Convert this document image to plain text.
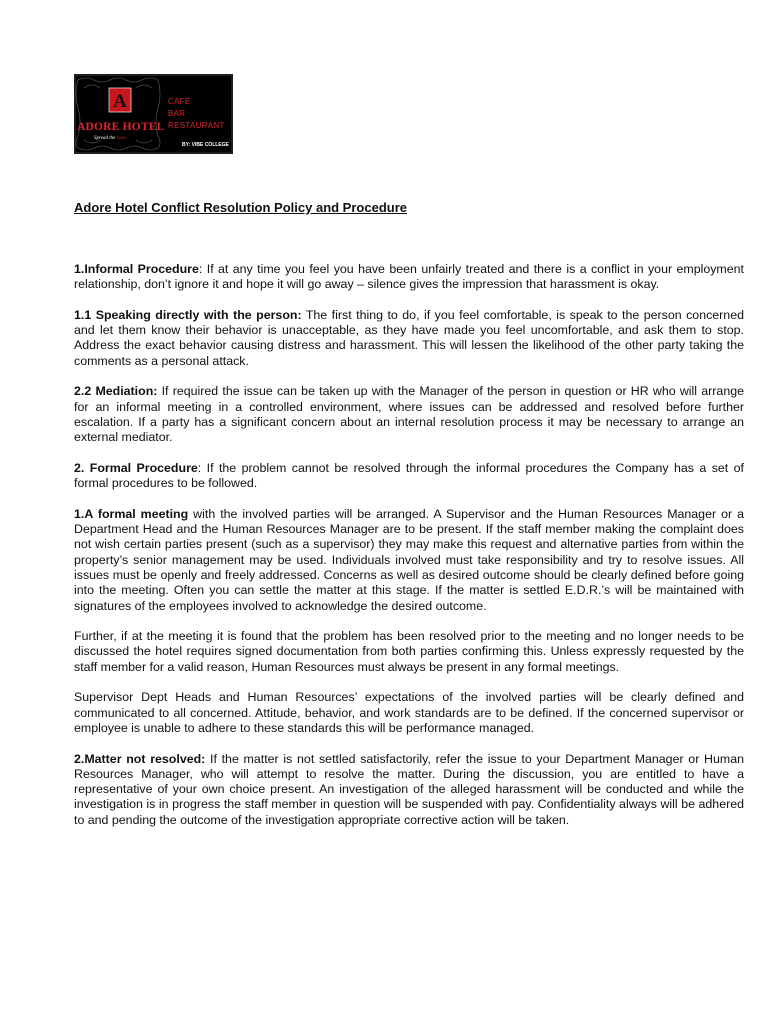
A	CAFÉ
BAR
RESTAURANT
ADORE HOTEL
Spread the love...
BY: VIBE COLLEGE
Adore Hotel Conflict Resolution Policy and Procedure

1.Informal Procedure: If at any time you feel you have been unfairly treated and there is a conflict in your employment relationship, don’t ignore it and hope it will go away – silence gives the impression that harassment is okay.

1.1 Speaking directly with the person: The first thing to do, if you feel comfortable, is speak to the person concerned and let them know their behavior is unacceptable, as they have made you feel uncomfortable, and ask them to stop. Address the exact behavior causing distress and harassment. This will lessen the likelihood of the other party taking the comments as a personal attack.

2.2 Mediation: If required the issue can be taken up with the Manager of the person in question or HR who will arrange for an informal meeting in a controlled environment, where issues can be addressed and resolved before further escalation. If a party has a significant concern about an internal resolution process it may be necessary to arrange an external mediator.

2. Formal Procedure: If the problem cannot be resolved through the informal procedures the Company has a set of formal procedures to be followed.

1.A formal meeting with the involved parties will be arranged. A Supervisor and the Human Resources Manager or a Department Head and the Human Resources Manager are to be present. If the staff member making the complaint does not wish certain parties present (such as a supervisor) they may make this request and alternative parties from within the property’s senior management may be used. Individuals involved must take responsibility and try to resolve issues. All issues must be openly and freely addressed. Concerns as well as desired outcome should be clearly defined before going into the meeting. Often you can settle the matter at this stage. If the matter is settled E.D.R.’s will be maintained with signatures of the employees involved to acknowledge the desired outcome.

Further, if at the meeting it is found that the problem has been resolved prior to the meeting and no longer needs to be discussed the hotel requires signed documentation from both parties confirming this. Unless expressly requested by the staff member for a valid reason, Human Resources must always be present in any formal meetings.

Supervisor Dept Heads and Human Resources’ expectations of the involved parties will be clearly defined and communicated to all concerned. Attitude, behavior, and work standards are to be defined. If the concerned supervisor or employee is unable to adhere to these standards this will be performance managed.

2.Matter not resolved: If the matter is not settled satisfactorily, refer the issue to your Department Manager or Human Resources Manager, who will attempt to resolve the matter. During the discussion, you are entitled to have a representative of your own choice present. An investigation of the alleged harassment will be conducted and while the investigation is in progress the staff member in question will be suspended with pay. Confidentiality always will be adhered to and pending the outcome of the investigation appropriate corrective action will be taken.
